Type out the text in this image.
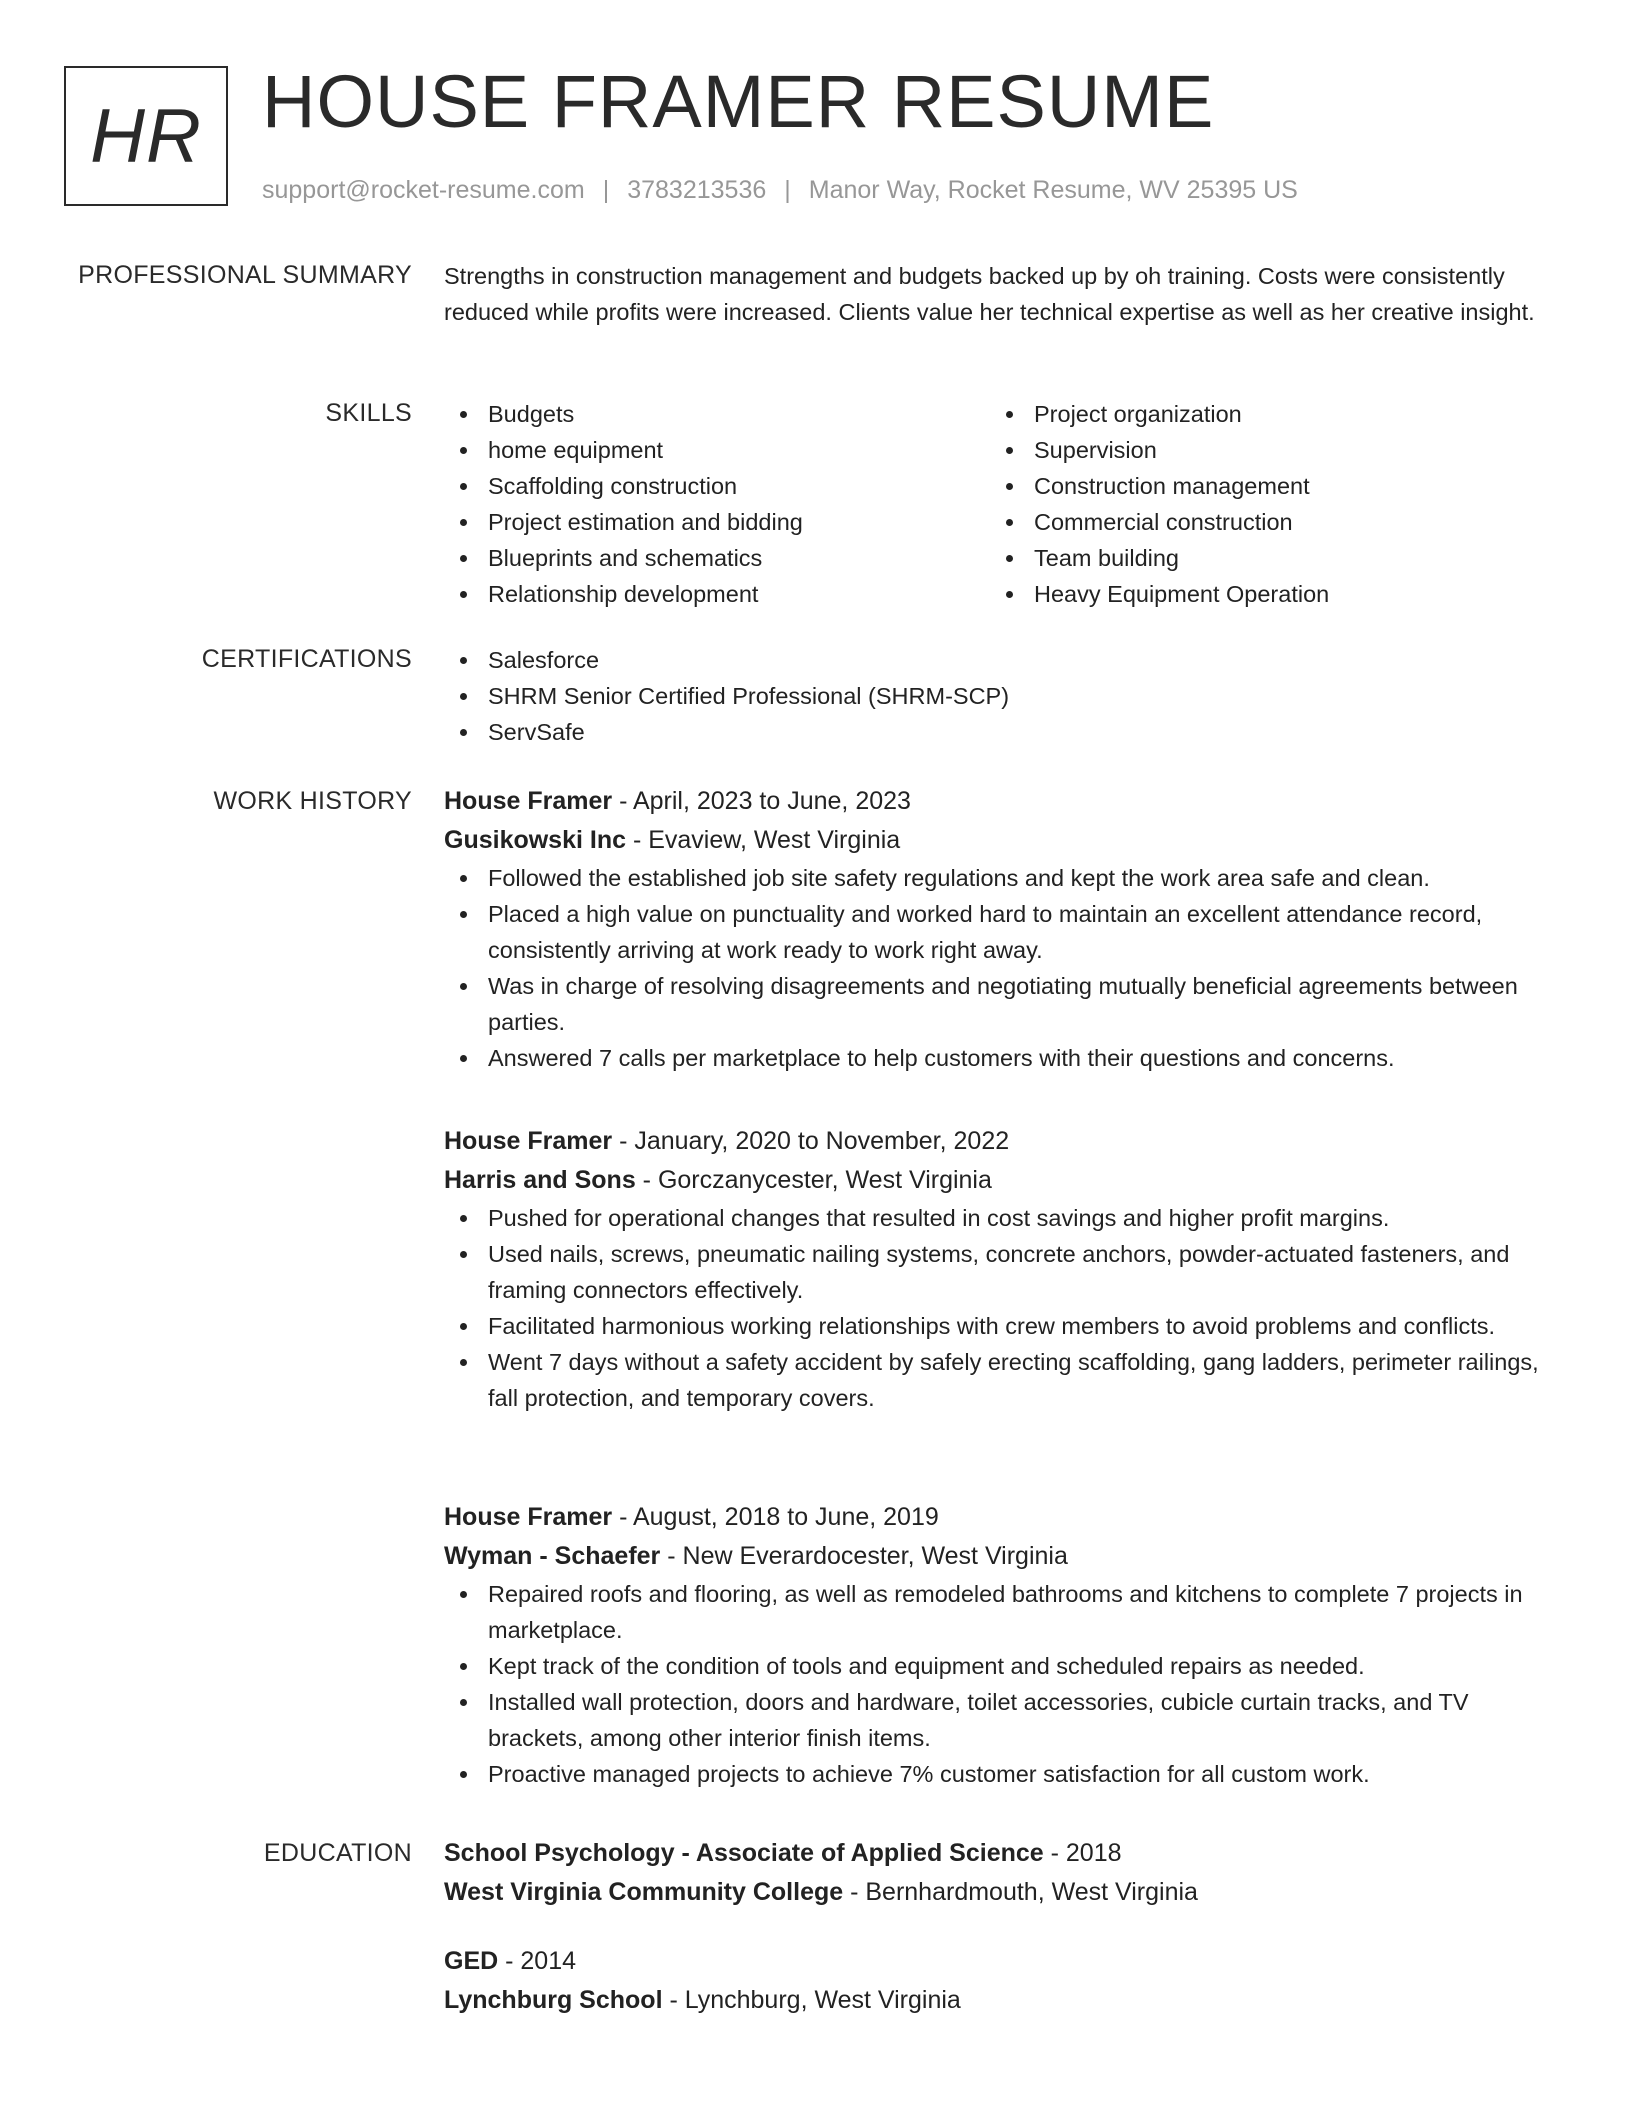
HR HOUSE FRAMER RESUME
support@rocket-resume.com | 3783213536 | Manor Way, Rocket Resume, WV 25395 US
PROFESSIONAL SUMMARY Strengths in construction management and budgets backed up by oh training. Costs were consistently reduced while profits were increased. Clients value her technical expertise as well as her creative insight.

SKILLS	Budgets
home equipment
Scaffolding construction
Project estimation and bidding
Blueprints and schematics
Relationship development
Project organization
Supervision
Construction management
Commercial construction
Team building
Heavy Equipment Operation
CERTIFICATIONS	Salesforce
SHRM Senior Certified Professional (SHRM-SCP)
ServSafe
WORK HISTORY House Framer - April, 2023 to June, 2023
Gusikowski Inc - Evaview, West Virginia
Followed the established job site safety regulations and kept the work area safe and clean.
Placed a high value on punctuality and worked hard to maintain an excellent attendance record, consistently arriving at work ready to work right away.
Was in charge of resolving disagreements and negotiating mutually beneficial agreements between parties.
Answered 7 calls per marketplace to help customers with their questions and concerns.
House Framer - January, 2020 to November, 2022
Harris and Sons - Gorczanycester, West Virginia
Pushed for operational changes that resulted in cost savings and higher profit margins.
Used nails, screws, pneumatic nailing systems, concrete anchors, powder-actuated fasteners, and framing connectors effectively.
Facilitated harmonious working relationships with crew members to avoid problems and conflicts.
Went 7 days without a safety accident by safely erecting scaffolding, gang ladders, perimeter railings, fall protection, and temporary covers.
House Framer - August, 2018 to June, 2019
Wyman - Schaefer - New Everardocester, West Virginia
Repaired roofs and flooring, as well as remodeled bathrooms and kitchens to complete 7 projects in marketplace.
Kept track of the condition of tools and equipment and scheduled repairs as needed.
Installed wall protection, doors and hardware, toilet accessories, cubicle curtain tracks, and TV brackets, among other interior finish items.
Proactive managed projects to achieve 7% customer satisfaction for all custom work.
EDUCATION School Psychology - Associate of Applied Science - 2018
West Virginia Community College - Bernhardmouth, West Virginia
GED - 2014
Lynchburg School - Lynchburg, West Virginia
